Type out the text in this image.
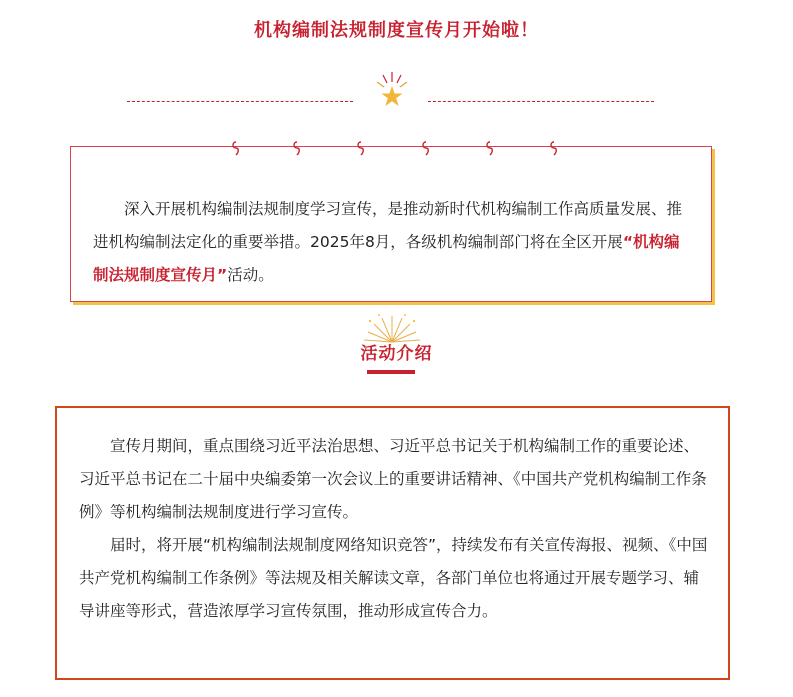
机构编制法规制度宣传月开始啦！

深入开展机构编制法规制度学习宣传，是推动新时代机构编制工作高质量发展、推进机构编制法定化的重要举措。2025年8月，各级机构编制部门将在全区开展“机构编制法规制度宣传月”活动。

活动介绍

宣传月期间，重点围绕习近平法治思想、习近平总书记关于机构编制工作的重要论述、习近平总书记在二十届中央编委第一次会议上的重要讲话精神、《中国共产党机构编制工作条例》等机构编制法规制度进行学习宣传。

届时，将开展“机构编制法规制度网络知识竞答”，持续发布有关宣传海报、视频、《中国共产党机构编制工作条例》等法规及相关解读文章，各部门单位也将通过开展专题学习、辅导讲座等形式，营造浓厚学习宣传氛围，推动形成宣传合力。
